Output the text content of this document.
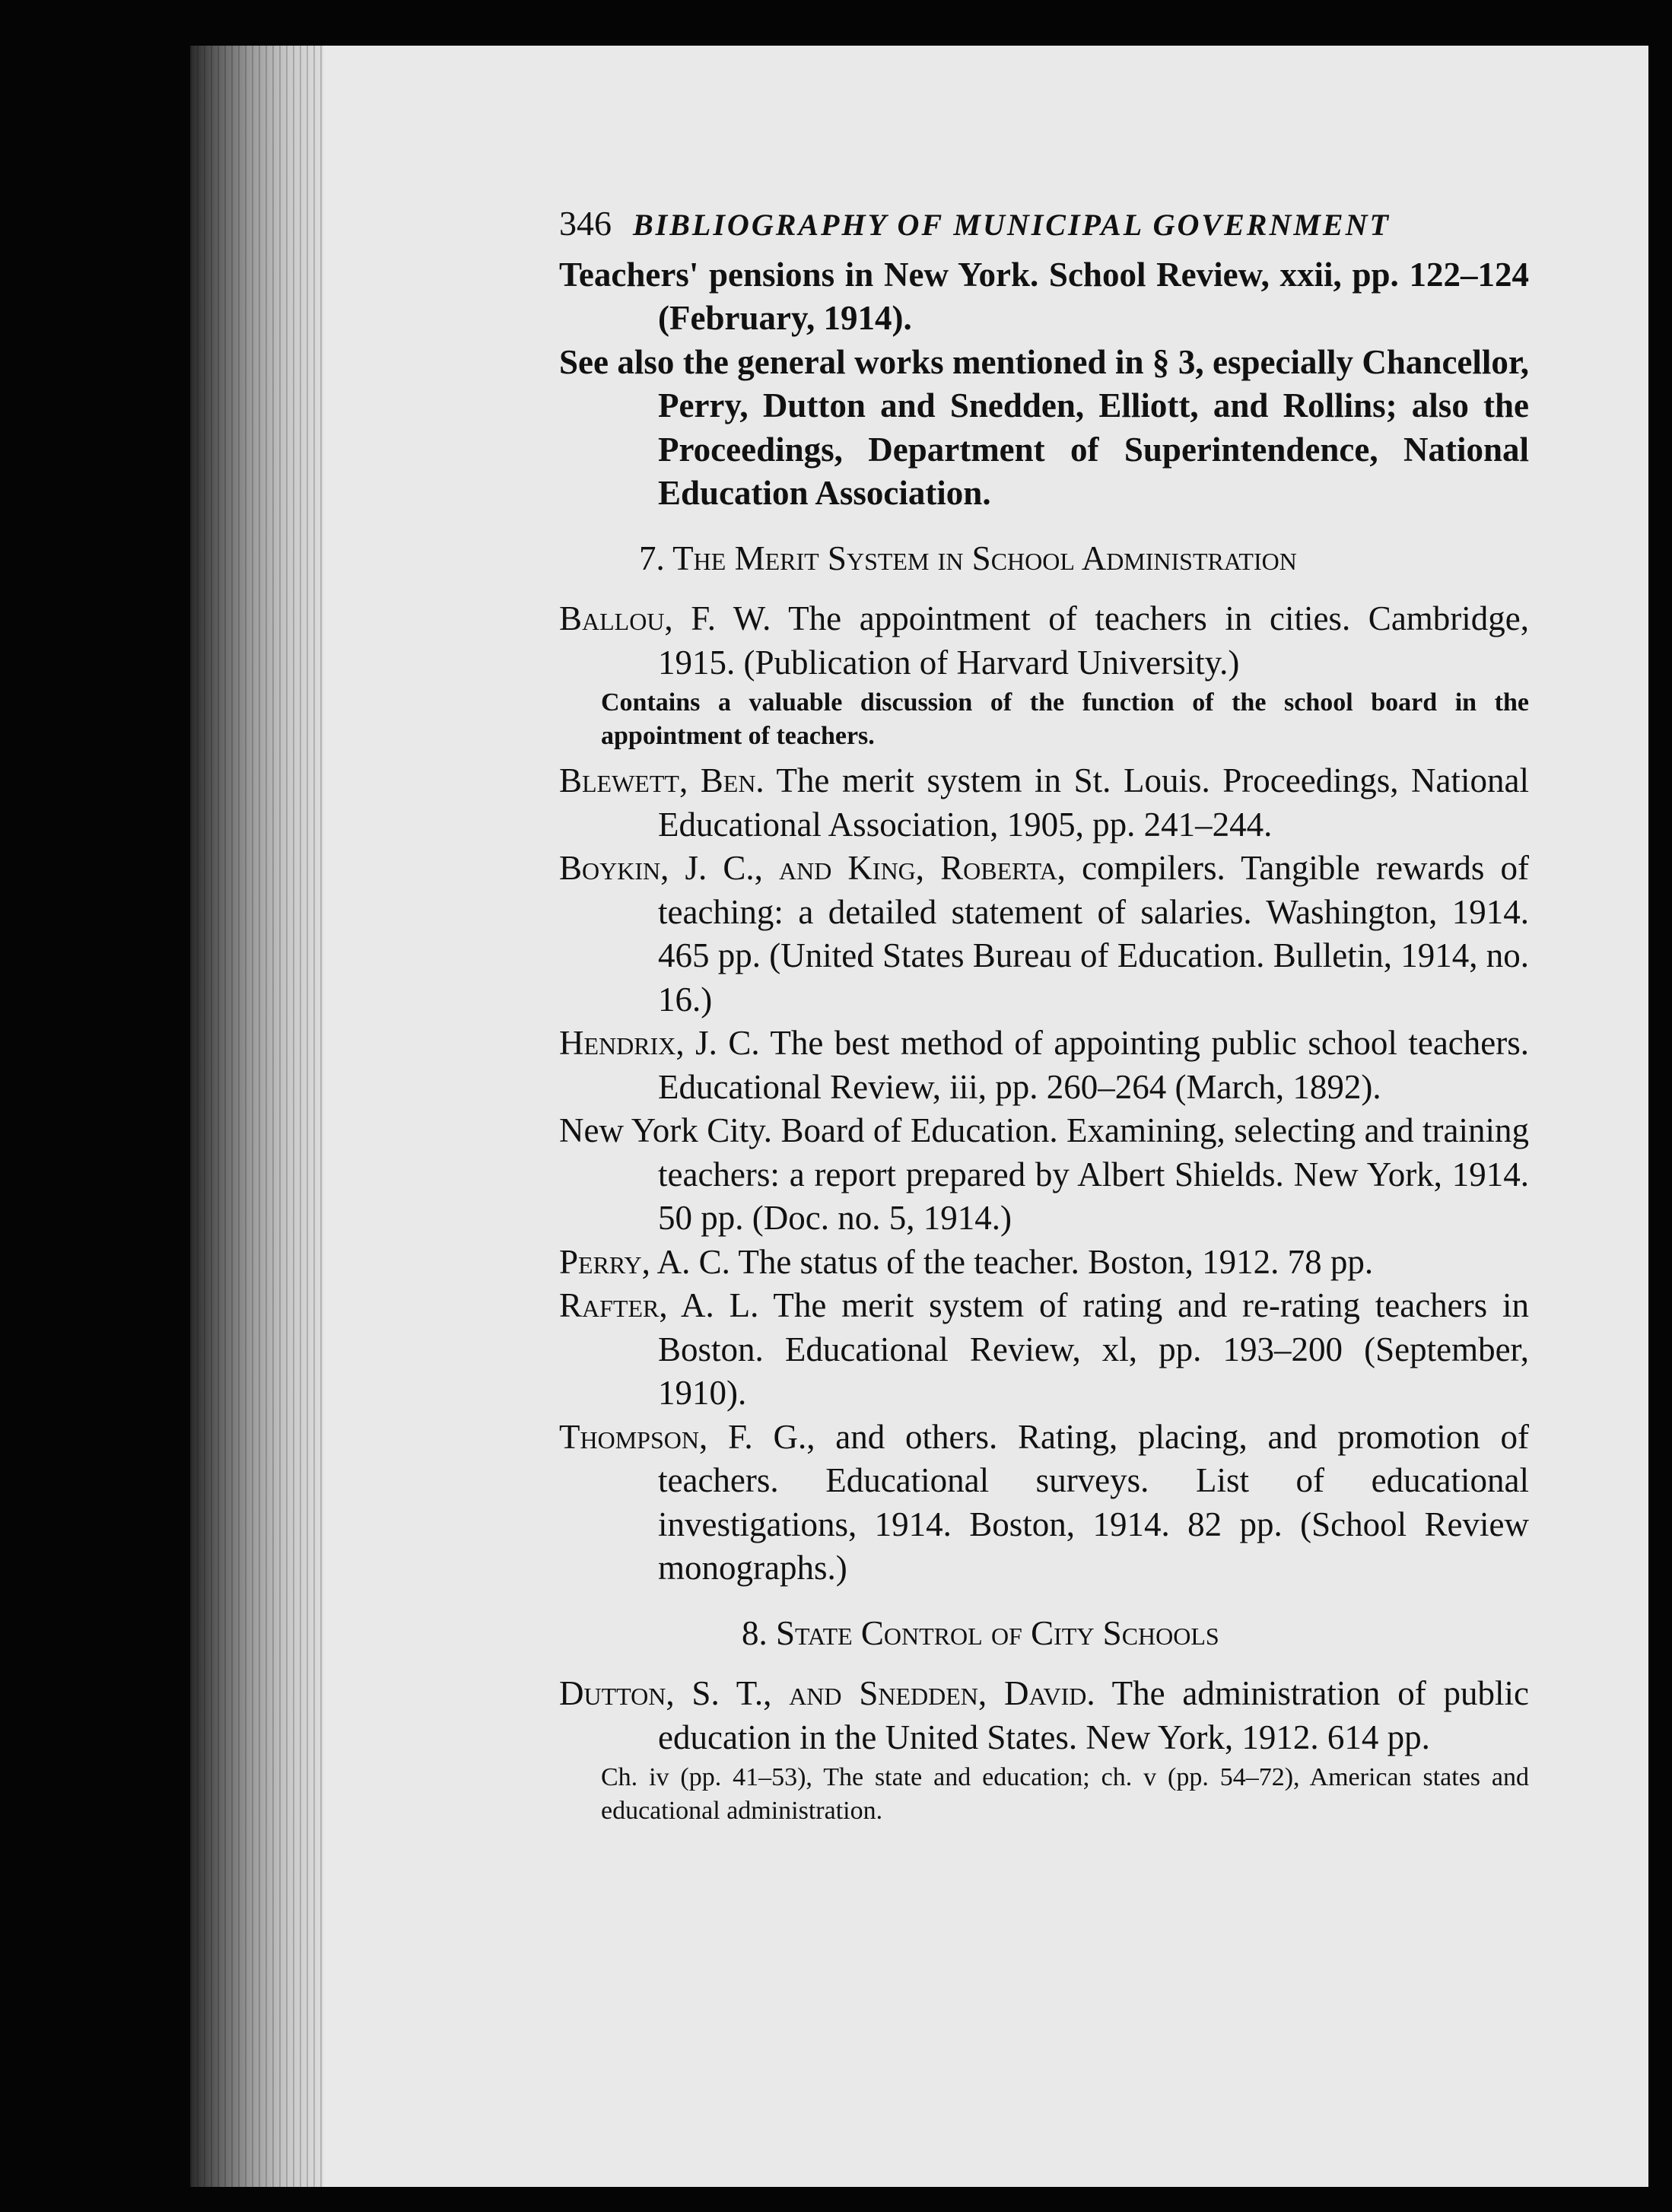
346 BIBLIOGRAPHY OF MUNICIPAL GOVERNMENT

Teachers' pensions in New York. School Review, xxii, pp. 122–124 (February, 1914).

See also the general works mentioned in § 3, especially Chancellor, Perry, Dutton and Snedden, Elliott, and Rollins; also the Proceedings, Department of Superintendence, National Education Association.

7. The Merit System in School Administration

Ballou, F. W. The appointment of teachers in cities. Cambridge, 1915. (Publication of Harvard University.)

Contains a valuable discussion of the function of the school board in the appointment of teachers.

Blewett, Ben. The merit system in St. Louis. Proceedings, National Educational Association, 1905, pp. 241–244.

Boykin, J. C., and King, Roberta, compilers. Tangible rewards of teaching: a detailed statement of salaries. Washington, 1914. 465 pp. (United States Bureau of Education. Bulletin, 1914, no. 16.)

Hendrix, J. C. The best method of appointing public school teachers. Educational Review, iii, pp. 260–264 (March, 1892).

New York City. Board of Education. Examining, selecting and training teachers: a report prepared by Albert Shields. New York, 1914. 50 pp. (Doc. no. 5, 1914.)

Perry, A. C. The status of the teacher. Boston, 1912. 78 pp.

Rafter, A. L. The merit system of rating and re-rating teachers in Boston. Educational Review, xl, pp. 193–200 (September, 1910).

Thompson, F. G., and others. Rating, placing, and promotion of teachers. Educational surveys. List of educational investigations, 1914. Boston, 1914. 82 pp. (School Review monographs.)

8. State Control of City Schools

Dutton, S. T., and Snedden, David. The administration of public education in the United States. New York, 1912. 614 pp.

Ch. iv (pp. 41–53), The state and education; ch. v (pp. 54–72), American states and educational administration.
